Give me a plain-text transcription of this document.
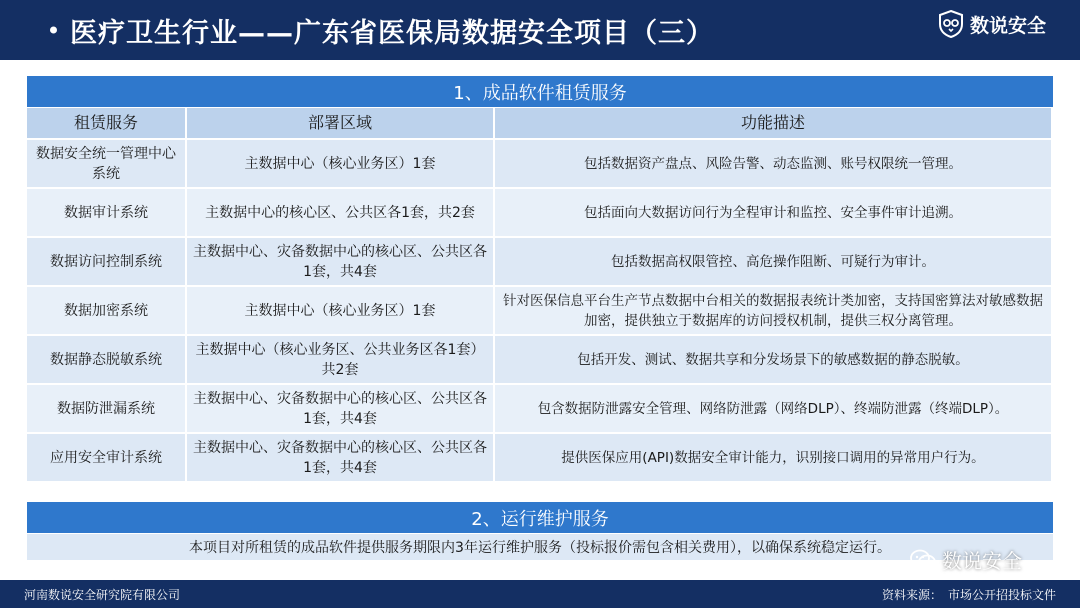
医疗卫生行业——广东省医保局数据安全项目（三）	数说安全
1、成品软件租赁服务
租赁服务	部署区域	功能描述
数据安全统一管理中心系统	主数据中心（核心业务区）1套	包括数据资产盘点、风险告警、动态监测、账号权限统一管理。
数据审计系统	主数据中心的核心区、公共区各1套，共2套	包括面向大数据访问行为全程审计和监控、安全事件审计追溯。
数据访问控制系统	主数据中心、灾备数据中心的核心区、公共区各1套，共4套	包括数据高权限管控、高危操作阻断、可疑行为审计。
数据加密系统	主数据中心（核心业务区）1套	针对医保信息平台生产节点数据中台相关的数据报表统计类加密，支持国密算法对敏感数据加密，提供独立于数据库的访问授权机制，提供三权分离管理。
数据静态脱敏系统	主数据中心（核心业务区、公共业务区各1套）共2套	包括开发、测试、数据共享和分发场景下的敏感数据的静态脱敏。
数据防泄漏系统	主数据中心、灾备数据中心的核心区、公共区各1套，共4套	包含数据防泄露安全管理、网络防泄露（网络DLP）、终端防泄露（终端DLP）。
应用安全审计系统	主数据中心、灾备数据中心的核心区、公共区各1套，共4套	提供医保应用(API)数据安全审计能力，识别接口调用的异常用户行为。
2、运行维护服务
本项目对所租赁的成品软件提供服务期限内3年运行维护服务（投标报价需包含相关费用），以确保系统稳定运行。
数说安全
河南数说安全研究院有限公司	资料来源： 市场公开招投标文件
